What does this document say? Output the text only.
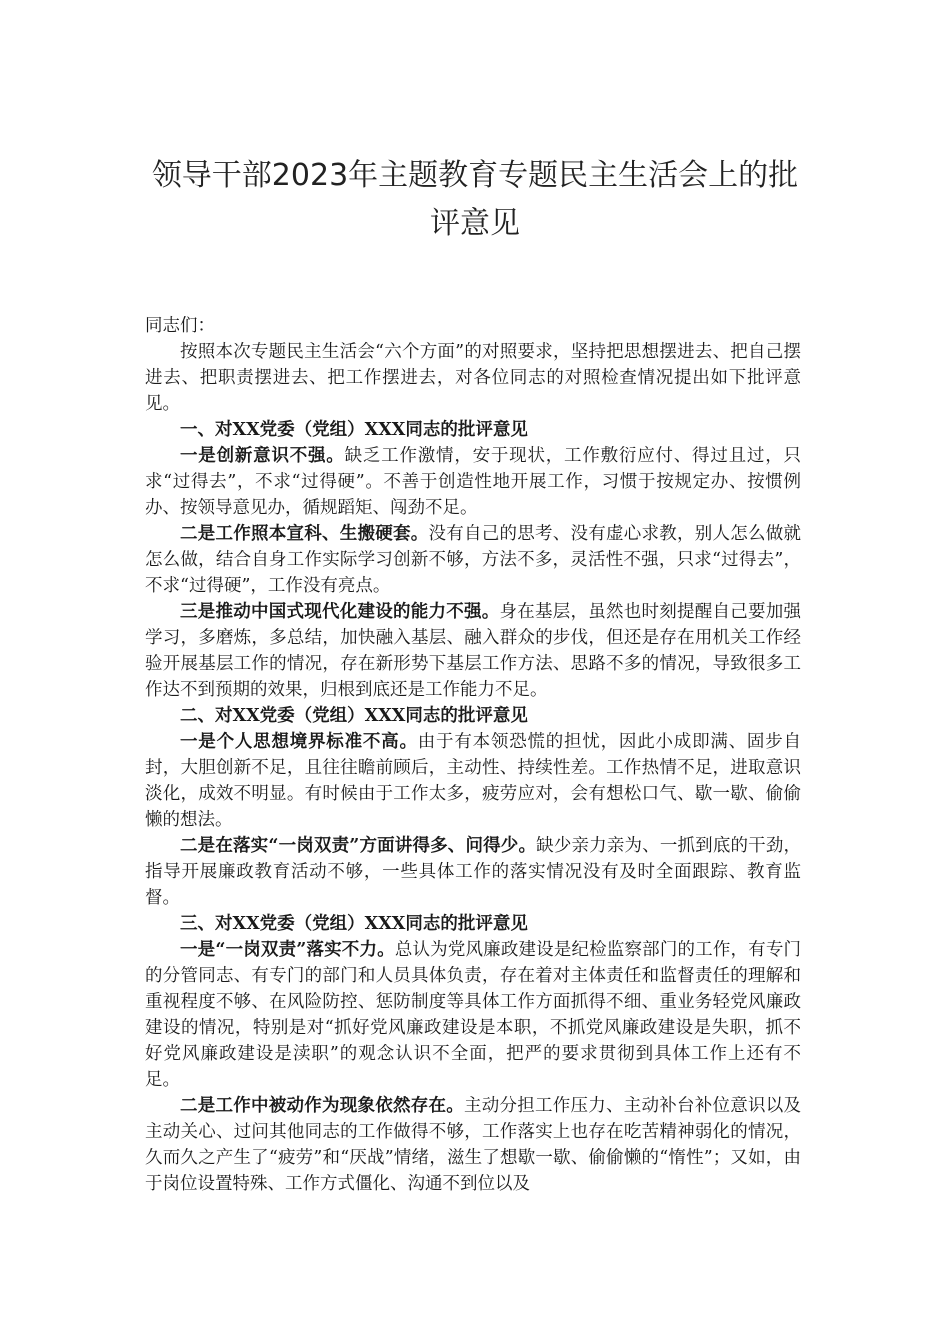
领导干部2023年主题教育专题民主生活会上的批评意见

同志们：

按照本次专题民主生活会“六个方面”的对照要求，坚持把思想摆进去、把自己摆进去、把职责摆进去、把工作摆进去，对各位同志的对照检查情况提出如下批评意见。

一、对XX党委（党组）XXX同志的批评意见

一是创新意识不强。缺乏工作激情，安于现状，工作敷衍应付、得过且过，只求“过得去”，不求“过得硬”。不善于创造性地开展工作，习惯于按规定办、按惯例办、按领导意见办，循规蹈矩、闯劲不足。

二是工作照本宣科、生搬硬套。没有自己的思考、没有虚心求教，别人怎么做就怎么做，结合自身工作实际学习创新不够，方法不多，灵活性不强，只求“过得去”，不求“过得硬”，工作没有亮点。

三是推动中国式现代化建设的能力不强。身在基层，虽然也时刻提醒自己要加强学习，多磨炼，多总结，加快融入基层、融入群众的步伐，但还是存在用机关工作经验开展基层工作的情况，存在新形势下基层工作方法、思路不多的情况，导致很多工作达不到预期的效果，归根到底还是工作能力不足。

二、对XX党委（党组）XXX同志的批评意见

一是个人思想境界标准不高。由于有本领恐慌的担忧，因此小成即满、固步自封，大胆创新不足，且往往瞻前顾后，主动性、持续性差。工作热情不足，进取意识淡化，成效不明显。有时候由于工作太多，疲劳应对，会有想松口气、歇一歇、偷偷懒的想法。

二是在落实“一岗双责”方面讲得多、问得少。缺少亲力亲为、一抓到底的干劲，指导开展廉政教育活动不够，一些具体工作的落实情况没有及时全面跟踪、教育监督。

三、对XX党委（党组）XXX同志的批评意见

一是“一岗双责”落实不力。总认为党风廉政建设是纪检监察部门的工作，有专门的分管同志、有专门的部门和人员具体负责，存在着对主体责任和监督责任的理解和重视程度不够、在风险防控、惩防制度等具体工作方面抓得不细、重业务轻党风廉政建设的情况，特别是对“抓好党风廉政建设是本职，不抓党风廉政建设是失职，抓不好党风廉政建设是渎职”的观念认识不全面，把严的要求贯彻到具体工作上还有不足。

二是工作中被动作为现象依然存在。主动分担工作压力、主动补台补位意识以及主动关心、过问其他同志的工作做得不够，工作落实上也存在吃苦精神弱化的情况，久而久之产生了“疲劳”和“厌战”情绪，滋生了想歇一歇、偷偷懒的“惰性”；又如，由于岗位设置特殊、工作方式僵化、沟通不到位以及
